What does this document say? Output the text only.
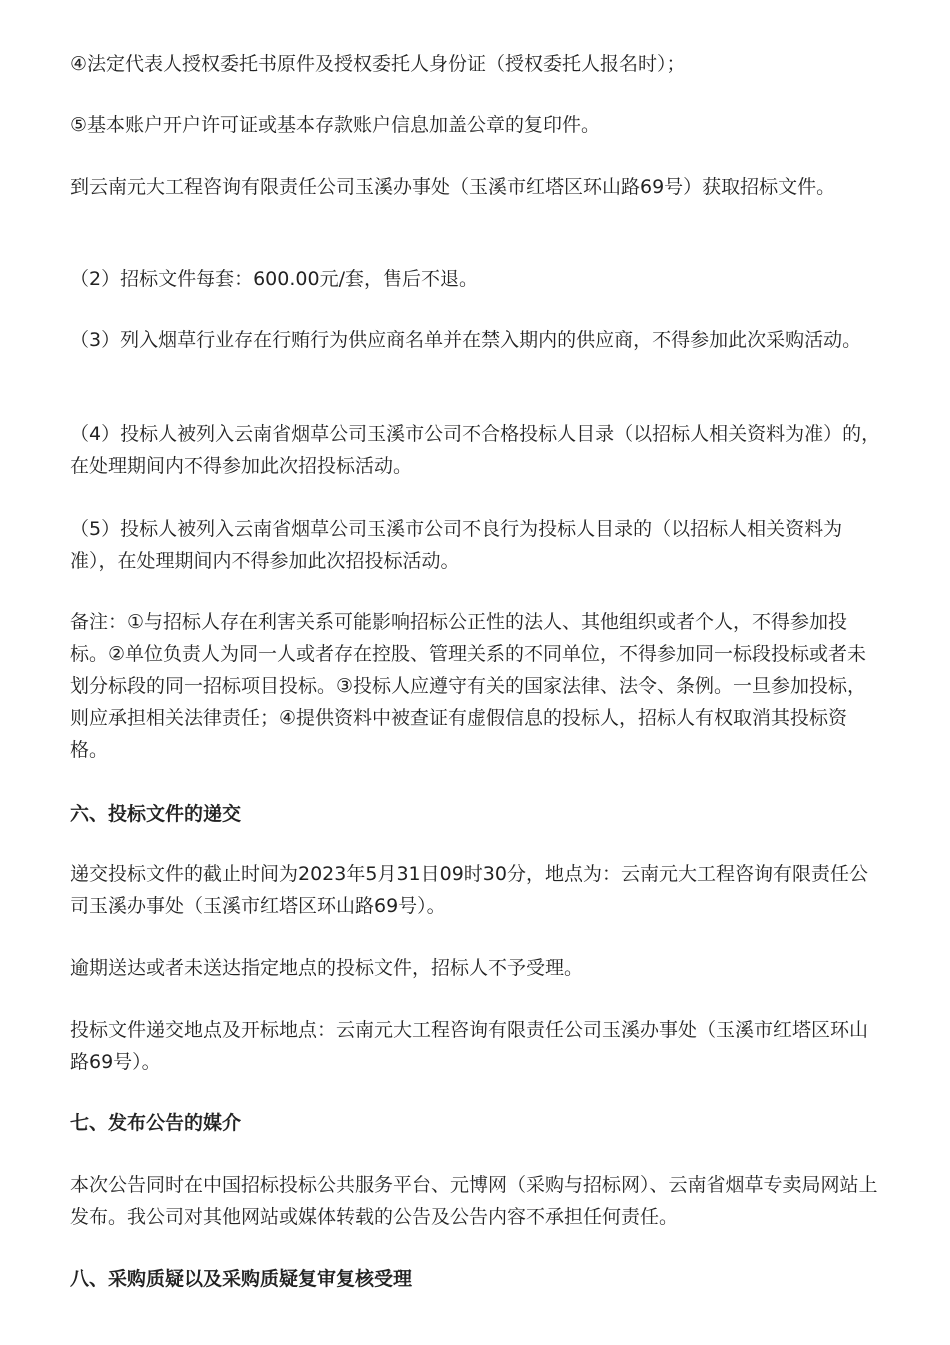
④法定代表人授权委托书原件及授权委托人身份证（授权委托人报名时）；

⑤基本账户开户许可证或基本存款账户信息加盖公章的复印件。

到云南元大工程咨询有限责任公司玉溪办事处（玉溪市红塔区环山路69号）获取招标文件。

（2）招标文件每套：600.00元/套，售后不退。

（3）列入烟草行业存在行贿行为供应商名单并在禁入期内的供应商，不得参加此次采购活动。

（4）投标人被列入云南省烟草公司玉溪市公司不合格投标人目录（以招标人相关资料为准）的，在处理期间内不得参加此次招投标活动。

（5）投标人被列入云南省烟草公司玉溪市公司不良行为投标人目录的（以招标人相关资料为准），在处理期间内不得参加此次招投标活动。

备注：①与招标人存在利害关系可能影响招标公正性的法人、其他组织或者个人，不得参加投标。②单位负责人为同一人或者存在控股、管理关系的不同单位，不得参加同一标段投标或者未划分标段的同一招标项目投标。③投标人应遵守有关的国家法律、法令、条例。一旦参加投标，则应承担相关法律责任；④提供资料中被查证有虚假信息的投标人，招标人有权取消其投标资格。

六、投标文件的递交

递交投标文件的截止时间为2023年5月31日09时30分，地点为：云南元大工程咨询有限责任公司玉溪办事处（玉溪市红塔区环山路69号）。

逾期送达或者未送达指定地点的投标文件，招标人不予受理。

投标文件递交地点及开标地点：云南元大工程咨询有限责任公司玉溪办事处（玉溪市红塔区环山路69号）。

七、发布公告的媒介

本次公告同时在中国招标投标公共服务平台、元博网（采购与招标网）、云南省烟草专卖局网站上发布。我公司对其他网站或媒体转载的公告及公告内容不承担任何责任。

八、采购质疑以及采购质疑复审复核受理
